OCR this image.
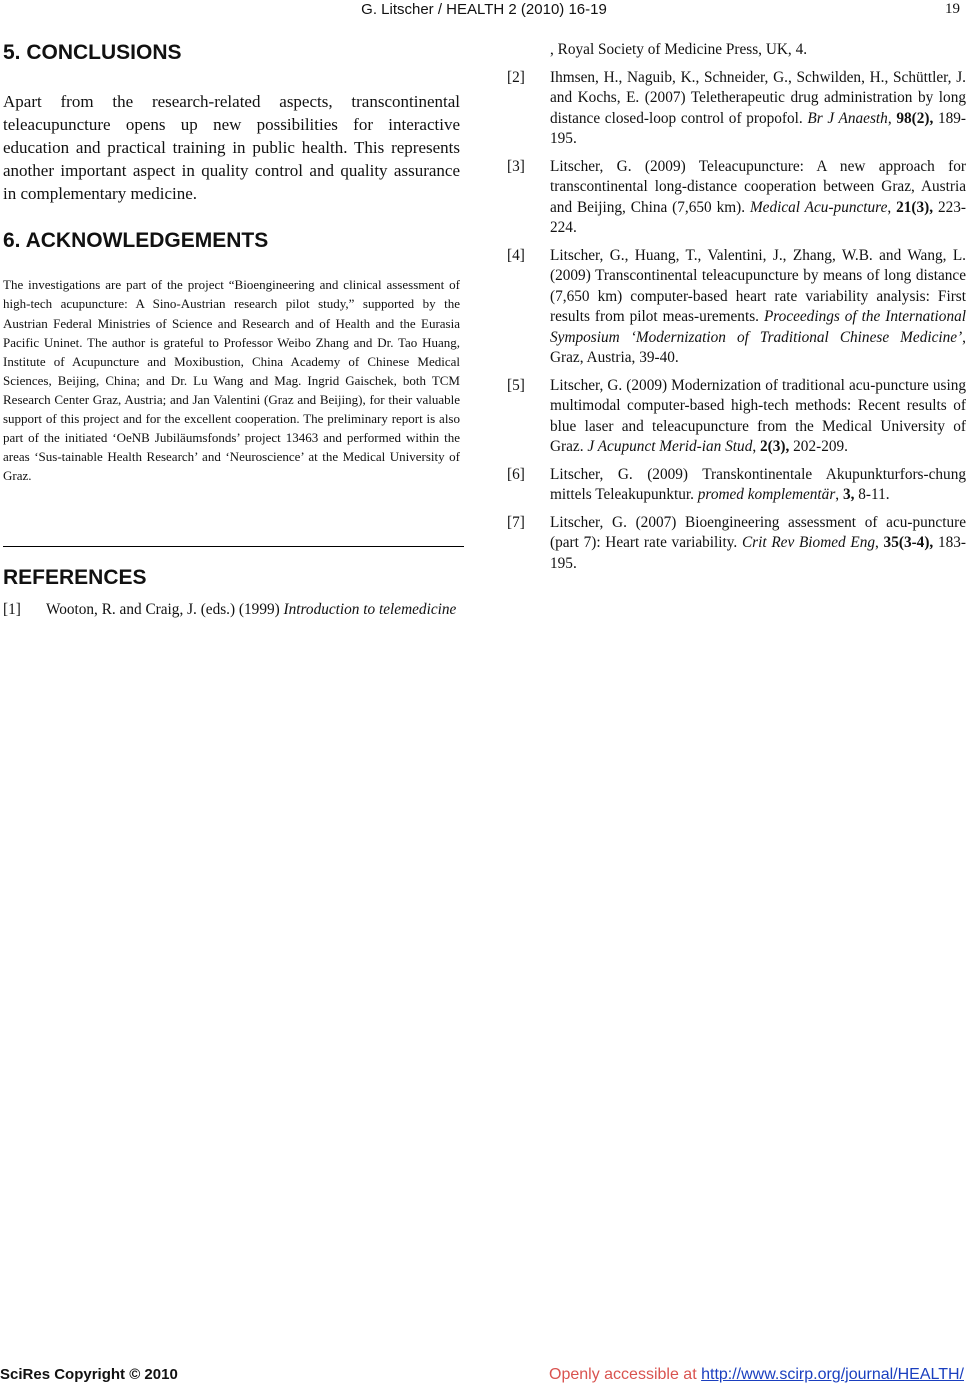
G. Litscher / HEALTH 2 (2010) 16-19	19
5. CONCLUSIONS

Apart from the research-related aspects, transcontinental teleacupuncture opens up new possibilities for interactive education and practical training in public health. This represents another important aspect in quality control and quality assurance in complementary medicine.

6. ACKNOWLEDGEMENTS

The investigations are part of the project “Bioengineering and clinical assessment of high-tech acupuncture: A Sino-Austrian research pilot study,” supported by the Austrian Federal Ministries of Science and Research and of Health and the Eurasia Pacific Uninet. The author is grateful to Professor Weibo Zhang and Dr. Tao Huang, Institute of Acupuncture and Moxibustion, China Academy of Chinese Medical Sciences, Beijing, China; and Dr. Lu Wang and Mag. Ingrid Gaischek, both TCM Research Center Graz, Austria; and Jan Valentini (Graz and Beijing), for their valuable support of this project and for the excellent cooperation. The preliminary report is also part of the initiated ‘OeNB Jubiläumsfonds’ project 13463 and performed within the areas ‘Sus-tainable Health Research’ and ‘Neuroscience’ at the Medical University of Graz.

REFERENCES
[1]	Wooton, R. and Craig, J. (eds.) (1999) Introduction to telemedicine
, Royal Society of Medicine Press, UK, 4.
[2]	Ihmsen, H., Naguib, K., Schneider, G., Schwilden, H., Schüttler, J. and Kochs, E. (2007) Teletherapeutic drug administration by long distance closed-loop control of propofol. Br J Anaesth, 98(2), 189-195.
[3]	Litscher, G. (2009) Teleacupuncture: A new approach for transcontinental long-distance cooperation between Graz, Austria and Beijing, China (7,650 km). Medical Acu-puncture, 21(3), 223-224.
[4]	Litscher, G., Huang, T., Valentini, J., Zhang, W.B. and Wang, L. (2009) Transcontinental teleacupuncture by means of long distance (7,650 km) computer-based heart rate variability analysis: First results from pilot meas-urements. Proceedings of the International Symposium ‘Modernization of Traditional Chinese Medicine’, Graz, Austria, 39-40.
[5]	Litscher, G. (2009) Modernization of traditional acu-puncture using multimodal computer-based high-tech methods: Recent results of blue laser and teleacupuncture from the Medical University of Graz. J Acupunct Merid-ian Stud, 2(3), 202-209.
[6]	Litscher, G. (2009) Transkontinentale Akupunkturfors-chung mittels Teleakupunktur. promed komplementär, 3, 8-11.
[7]	Litscher, G. (2007) Bioengineering assessment of acu-puncture (part 7): Heart rate variability. Crit Rev Biomed Eng, 35(3-4), 183-195.
SciRes Copyright © 2010	Openly accessible at http://www.scirp.org/journal/HEALTH/
